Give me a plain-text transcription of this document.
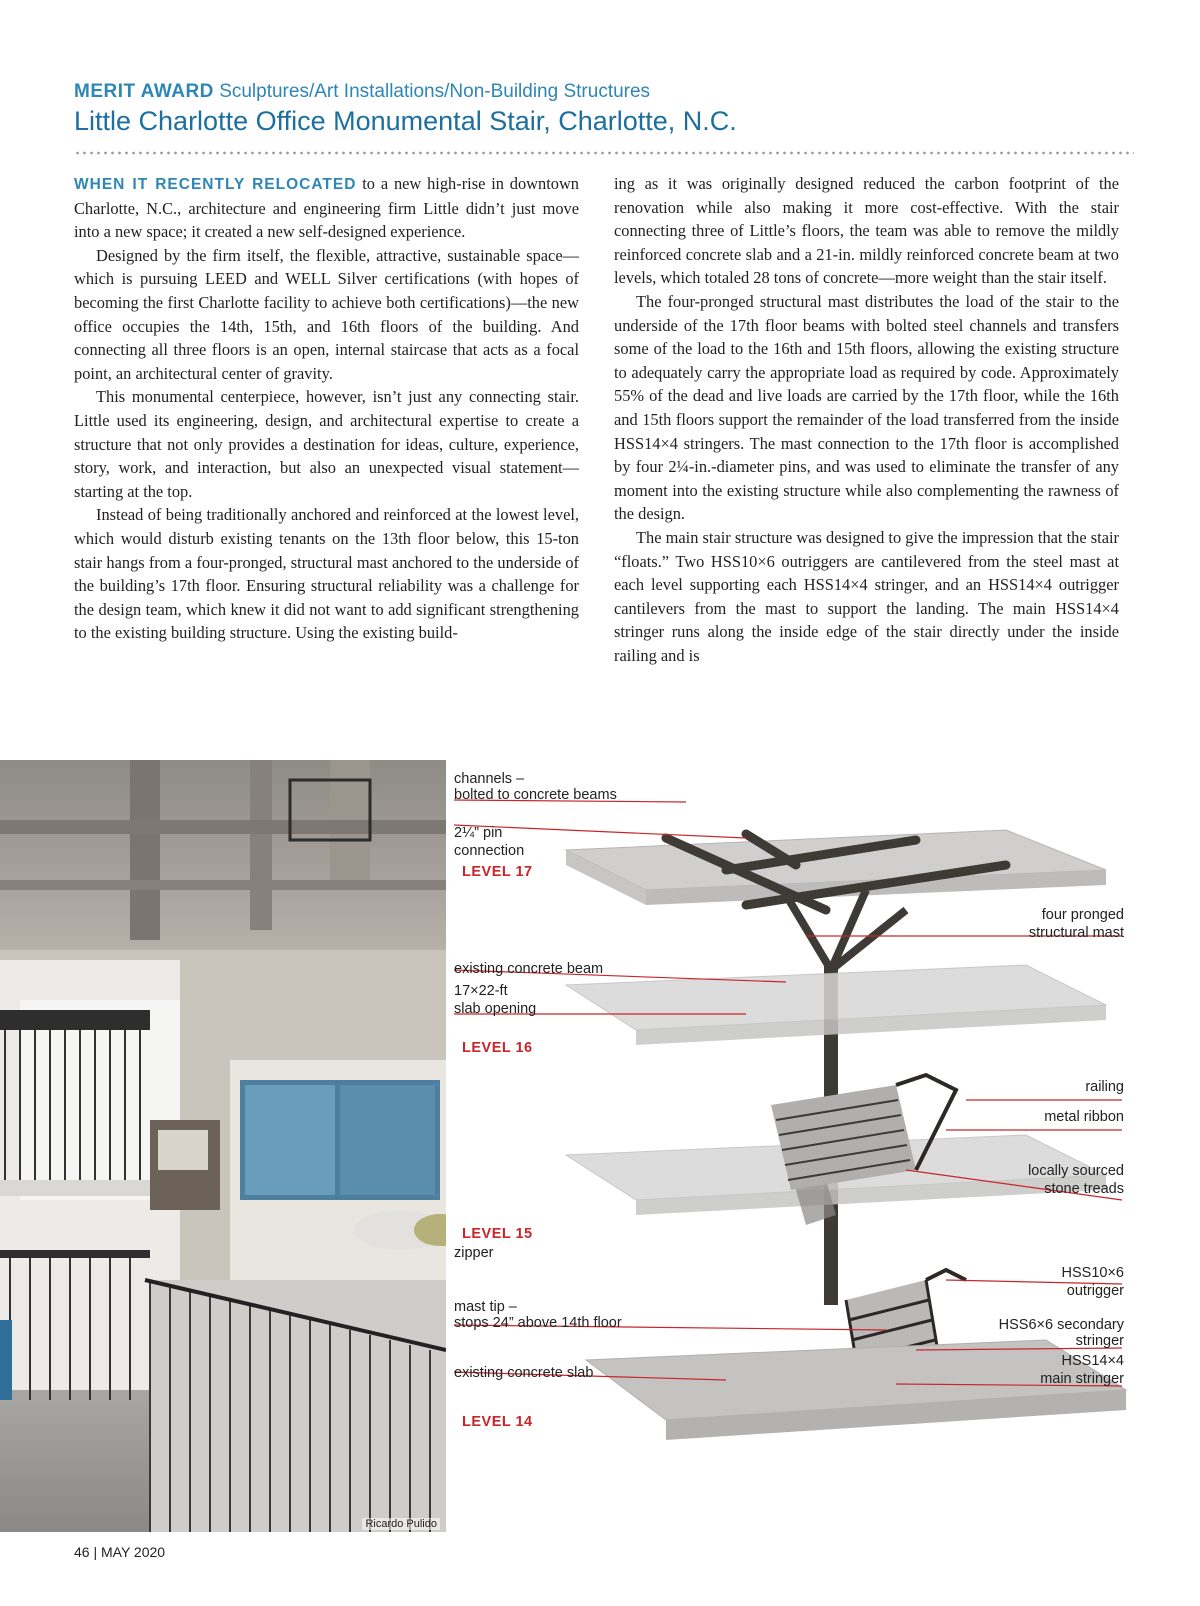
MERIT AWARD Sculptures/Art Installations/Non-Building Structures
Little Charlotte Office Monumental Stair, Charlotte, N.C.

WHEN IT RECENTLY RELOCATED to a new high-rise in downtown Charlotte, N.C., architecture and engineering firm Little didn’t just move into a new space; it created a new self-designed experience.

Designed by the firm itself, the flexible, attractive, sustainable space—which is pursuing LEED and WELL Silver certifications (with hopes of becoming the first Charlotte facility to achieve both certifications)—the new office occupies the 14th, 15th, and 16th floors of the building. And connecting all three floors is an open, internal staircase that acts as a focal point, an architectural center of gravity.

This monumental centerpiece, however, isn’t just any connecting stair. Little used its engineering, design, and architectural expertise to create a structure that not only provides a destination for ideas, culture, experience, story, work, and interaction, but also an unexpected visual statement—starting at the top.

Instead of being traditionally anchored and reinforced at the lowest level, which would disturb existing tenants on the 13th floor below, this 15-ton stair hangs from a four-pronged, structural mast anchored to the underside of the building’s 17th floor. Ensuring structural reliability was a challenge for the design team, which knew it did not want to add significant strengthening to the existing building structure. Using the existing build-

ing as it was originally designed reduced the carbon footprint of the renovation while also making it more cost-effective. With the stair connecting three of Little’s floors, the team was able to remove the mildly reinforced concrete slab and a 21-in. mildly reinforced concrete beam at two levels, which totaled 28 tons of concrete—more weight than the stair itself.

The four-pronged structural mast distributes the load of the stair to the underside of the 17th floor beams with bolted steel channels and transfers some of the load to the 16th and 15th floors, allowing the existing structure to adequately carry the appropriate load as required by code. Approximately 55% of the dead and live loads are carried by the 17th floor, while the 16th and 15th floors support the remainder of the load transferred from the inside HSS14×4 stringers. The mast connection to the 17th floor is accomplished by four 2¼-in.-diameter pins, and was used to eliminate the transfer of any moment into the existing structure while also complementing the rawness of the design.

The main stair structure was designed to give the impression that the stair “floats.” Two HSS10×6 outriggers are cantilevered from the steel mast at each level supporting each HSS14×4 stringer, and an HSS14×4 outrigger cantilevers from the mast to support the landing. The main HSS14×4 stringer runs along the inside edge of the stair directly under the inside railing and is

Ricardo Pulido
channels –
bolted to concrete beams
2¼” pin
connection
LEVEL 17
existing concrete beam
17×22-ft
slab opening
LEVEL 16
LEVEL 15
zipper
mast tip –
stops 24” above 14th floor
existing concrete slab
LEVEL 14
four pronged
structural mast
railing
metal ribbon
locally sourced
stone treads
HSS10×6
outrigger
HSS6×6 secondary
stringer
HSS14×4
main stringer
46 | MAY 2020
